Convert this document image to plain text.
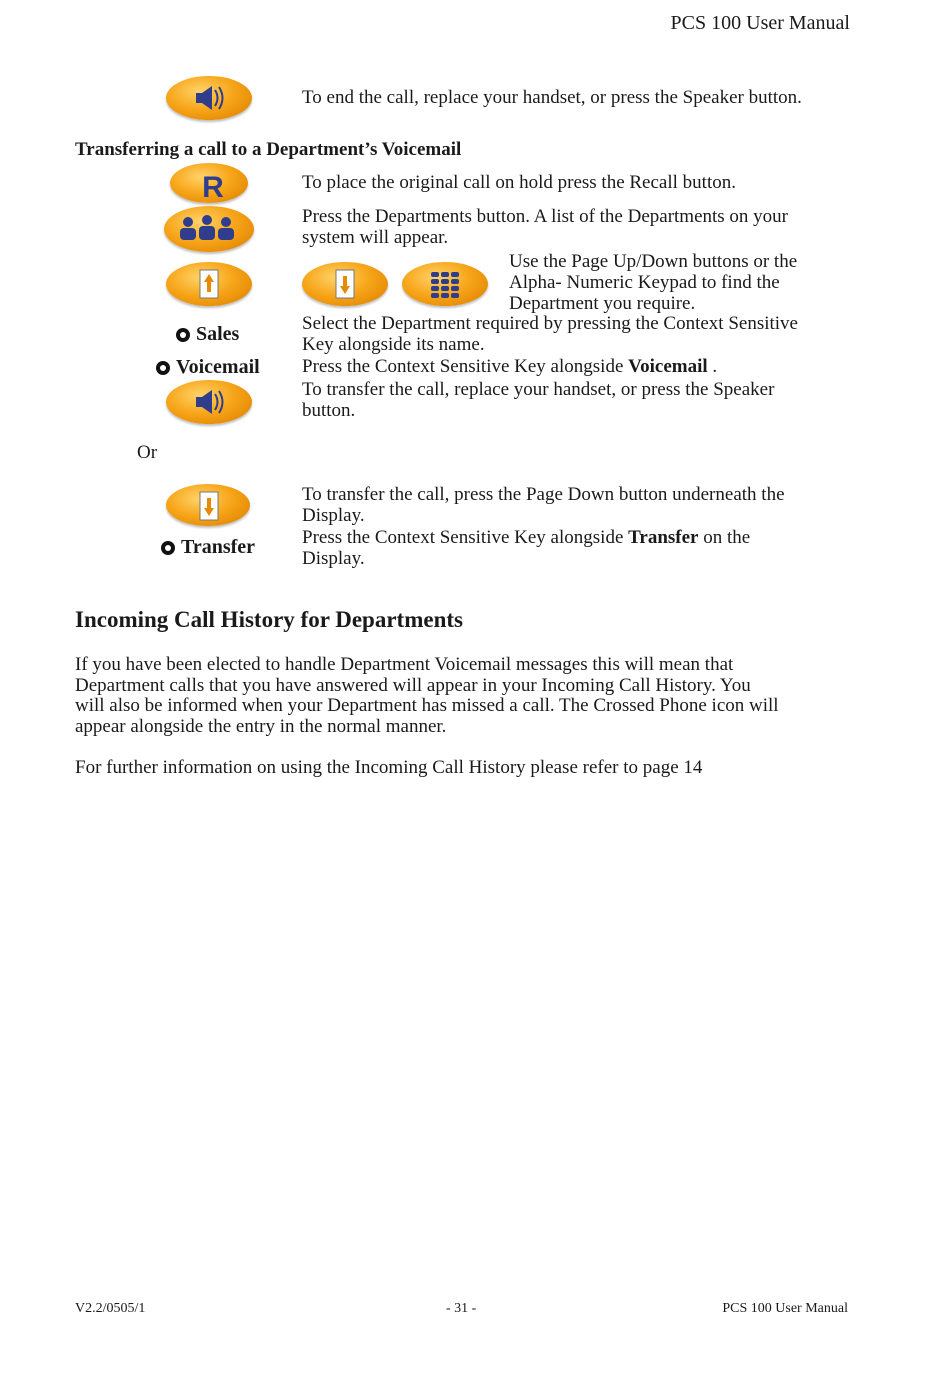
PCS 100 User Manual
To end the call, replace your handset, or press the Speaker button.
Transferring a call to a Department’s Voicemail
R	To place the original call on hold press the Recall button.
Press the Departments button. A list of the Departments on your
system will appear.
Use the Page Up/Down buttons or the
Alpha- Numeric Keypad to find the
Department you require.
Sales	Select the Department required by pressing the Context Sensitive
Key alongside its name.
Voicemail Press the Context Sensitive Key alongside Voicemail .
To transfer the call, replace your handset, or press the Speaker
button.
Or
To transfer the call, press the Page Down button underneath the
Display.
Transfer Press the Context Sensitive Key alongside Transfer on the
Display.
Incoming Call History for Departments
If you have been elected to handle Department Voicemail messages this will mean that
Department calls that you have answered will appear in your Incoming Call History. You
will also be informed when your Department has missed a call. The Crossed Phone icon will
appear alongside the entry in the normal manner.
For further information on using the Incoming Call History please refer to page 14
V2.2/0505/1	- 31 -	PCS 100 User Manual
